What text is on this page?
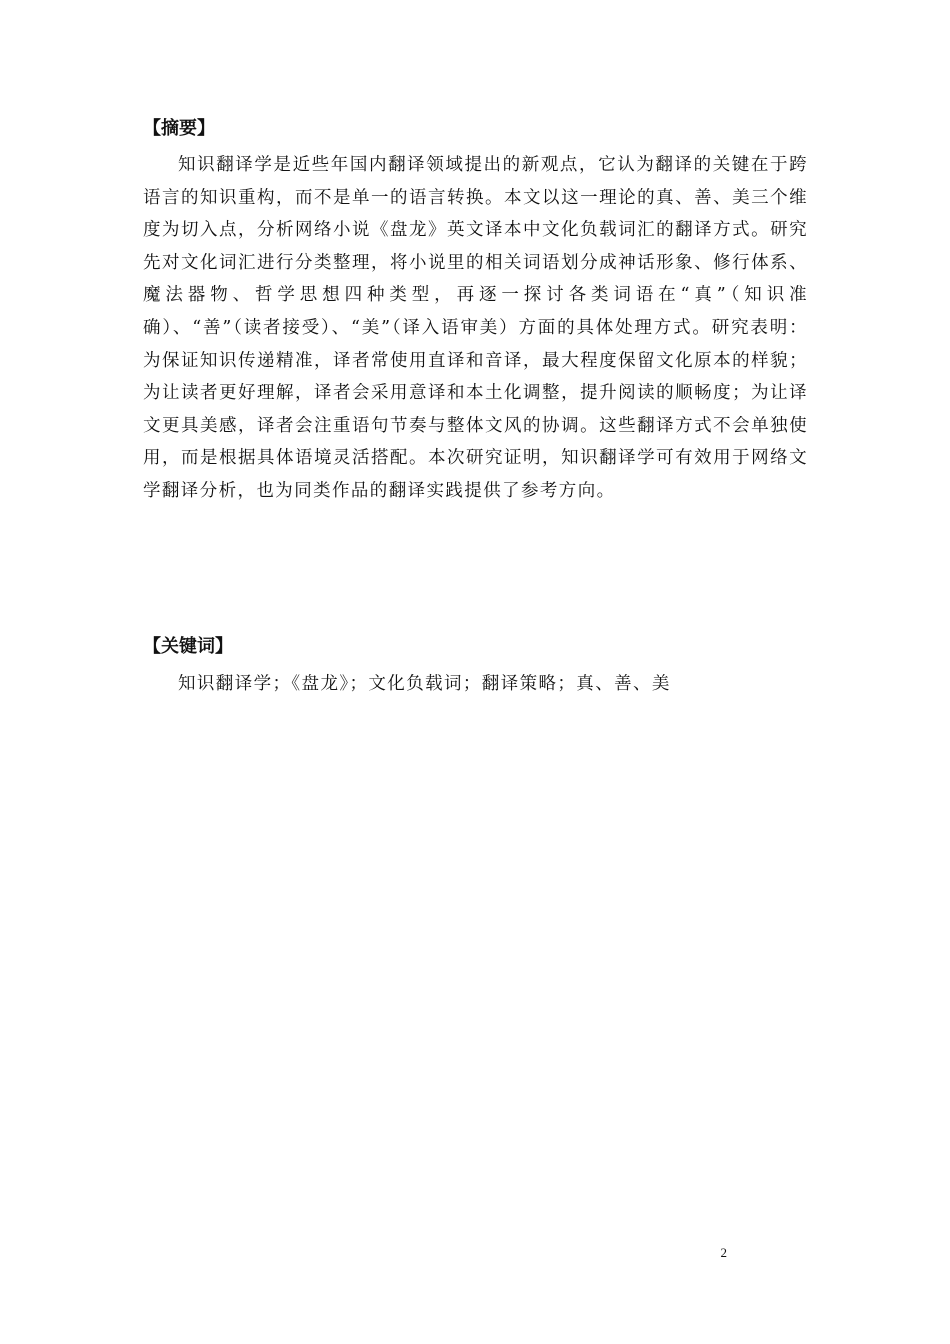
【摘要】

知识翻译学是近些年国内翻译领域提出的新观点，它认为翻译的关键在于跨语言的知识重构，而不是单一的语言转换。本文以这一理论的真、善、美三个维度为切入点，分析网络小说《盘龙》英文译本中文化负载词汇的翻译方式。研究先对文化词汇进行分类整理，将小说里的相关词语划分成神话形象、修行体系、魔法器物、哲学思想四种类型，再逐一探讨各类词语在“真”（知识准确）、“善”（读者接受）、“美”（译入语审美）方面的具体处理方式。研究表明：为保证知识传递精准，译者常使用直译和音译，最大程度保留文化原本的样貌；为让读者更好理解，译者会采用意译和本土化调整，提升阅读的顺畅度；为让译文更具美感，译者会注重语句节奏与整体文风的协调。这些翻译方式不会单独使用，而是根据具体语境灵活搭配。本次研究证明，知识翻译学可有效用于网络文学翻译分析，也为同类作品的翻译实践提供了参考方向。

【关键词】

知识翻译学；《盘龙》；文化负载词；翻译策略；真、善、美

2
